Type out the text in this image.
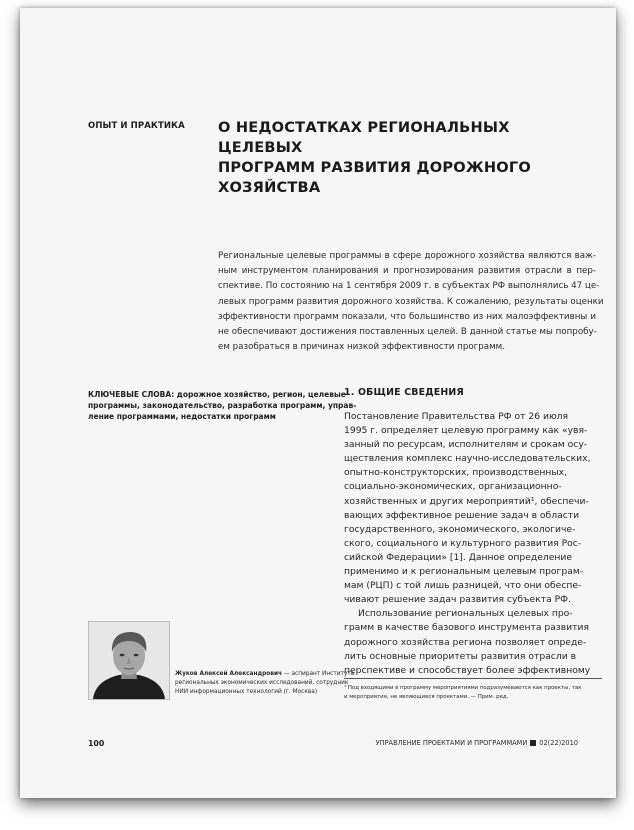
ОПЫТ И ПРАКТИКА О НЕДОСТАТКАХ РЕГИОНАЛЬНЫХ ЦЕЛЕВЫХ
ПРОГРАММ РАЗВИТИЯ ДОРОЖНОГО
ХОЗЯЙСТВА
Региональные целевые программы в сфере дорожного хозяйства являются важ-
ным инструментом планирования и прогнозирования развития отрасли в пер-
спективе. По состоянию на 1 сентября 2009 г. в субъектах РФ выполнялись 47 це-
левых программ развития дорожного хозяйства. К сожалению, результаты оценки
эффективности программ показали, что большинство из них малоэффективны и
не обеспечивают достижения поставленных целей. В данной статье мы попробу-
ем разобраться в причинах низкой эффективности программ.
КЛЮЧЕВЫЕ СЛОВА: дорожное хозяйство, регион, целевые
программы, законодательство, разработка программ, управ-
ление программами, недостатки программ
1. ОБЩИЕ СВЕДЕНИЯ
Постановление Правительства РФ от 26 июля
1995 г. определяет целевую программу как «увя-
занный по ресурсам, исполнителям и срокам осу-
ществления комплекс научно-исследовательских,
опытно-конструкторских, производственных,
социально-экономических, организационно-
хозяйственных и других мероприятий¹, обеспечи-
вающих эффективное решение задач в области
государственного, экономического, экологиче-
ского, социального и культурного развития Рос-
сийской Федерации» [1]. Данное определение
применимо и к региональным целевым програм-
мам (РЦП) с той лишь разницей, что они обеспе-
чивают решение задач развития субъекта РФ.
Использование региональных целевых про-
грамм в качестве базового инструмента развития
дорожного хозяйства региона позволяет опреде-
лить основные приоритеты развития отрасли в
перспективе и способствует более эффективному
Жуков Алексей Александрович — аспирант Института
региональных экономических исследований, сотрудник
НИИ информационных технологий (г. Москва)
¹ Под входящими в программу мероприятиями подразумеваются как проекты, так
и мероприятия, не являющиеся проектами. — Прим. ред.
100	УПРАВЛЕНИЕ ПРОЕКТАМИ И ПРОГРАММАМИ 02(22)2010
